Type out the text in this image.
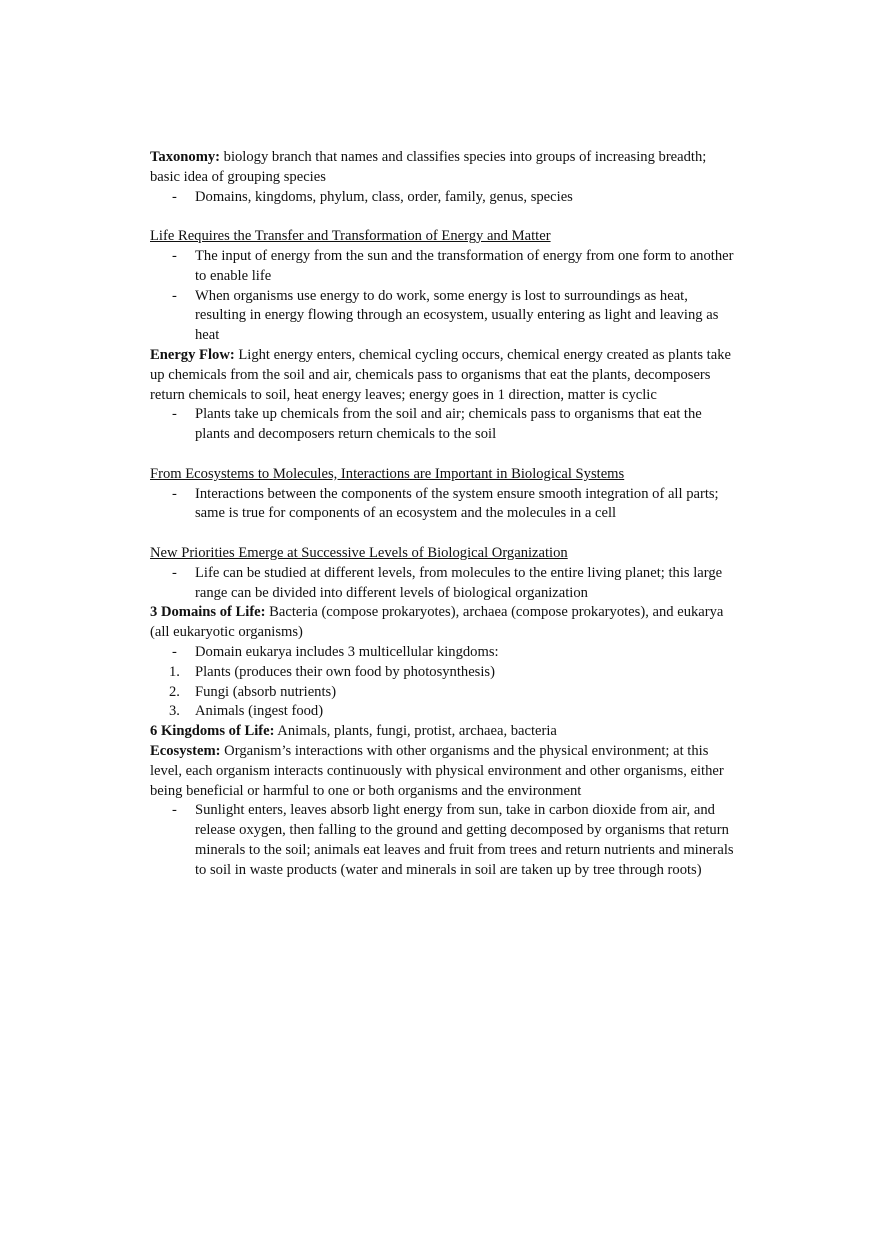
Taxonomy: biology branch that names and classifies species into groups of increasing breadth; basic idea of grouping species

- Domains, kingdoms, phylum, class, order, family, genus, species

Life Requires the Transfer and Transformation of Energy and Matter

- The input of energy from the sun and the transformation of energy from one form to another to enable life

- When organisms use energy to do work, some energy is lost to surroundings as heat, resulting in energy flowing through an ecosystem, usually entering as light and leaving as heat

Energy Flow: Light energy enters, chemical cycling occurs, chemical energy created as plants take up chemicals from the soil and air, chemicals pass to organisms that eat the plants, decomposers return chemicals to soil, heat energy leaves; energy goes in 1 direction, matter is cyclic

- Plants take up chemicals from the soil and air; chemicals pass to organisms that eat the plants and decomposers return chemicals to the soil

From Ecosystems to Molecules, Interactions are Important in Biological Systems

- Interactions between the components of the system ensure smooth integration of all parts; same is true for components of an ecosystem and the molecules in a cell

New Priorities Emerge at Successive Levels of Biological Organization

- Life can be studied at different levels, from molecules to the entire living planet; this large range can be divided into different levels of biological organization

3 Domains of Life: Bacteria (compose prokaryotes), archaea (compose prokaryotes), and eukarya (all eukaryotic organisms)

- Domain eukarya includes 3 multicellular kingdoms:

1. Plants (produces their own food by photosynthesis)

2. Fungi (absorb nutrients)

3. Animals (ingest food)

6 Kingdoms of Life: Animals, plants, fungi, protist, archaea, bacteria

Ecosystem: Organism’s interactions with other organisms and the physical environment; at this level, each organism interacts continuously with physical environment and other organisms, either being beneficial or harmful to one or both organisms and the environment

- Sunlight enters, leaves absorb light energy from sun, take in carbon dioxide from air, and release oxygen, then falling to the ground and getting decomposed by organisms that return minerals to the soil; animals eat leaves and fruit from trees and return nutrients and minerals to soil in waste products (water and minerals in soil are taken up by tree through roots)
